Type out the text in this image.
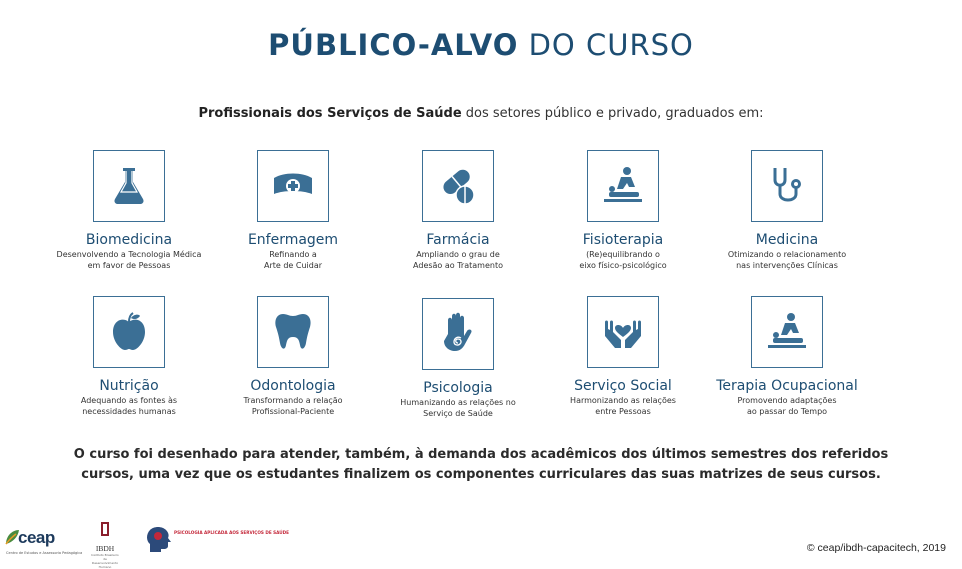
PÚBLICO-ALVO DO CURSO
Profissionais dos Serviços de Saúde dos setores público e privado, graduados em:
Biomedicina
Desenvolvendo a Tecnologia Médica
em favor de Pessoas
Enfermagem
Refinando a
Arte de Cuidar
Farmácia
Ampliando o grau de
Adesão ao Tratamento
Fisioterapia
(Re)equilibrando o
eixo físico-psicológico
Medicina
Otimizando o relacionamento
nas intervenções Clínicas
Nutrição
Adequando as fontes às
necessidades humanas
Odontologia
Transformando a relação
Profissional-Paciente
Psicologia
Humanizando as relações no
Serviço de Saúde
Serviço Social
Harmonizando as relações
entre Pessoas
Terapia Ocupacional
Promovendo adaptações
ao passar do Tempo
O curso foi desenhado para atender, também, à demanda dos acadêmicos dos últimos semestres dos referidos cursos, uma vez que os estudantes finalizem os componentes curriculares das suas matrizes de seus cursos.
ceap
Centro de Estudos e Assessoria Pedagógica	IBDH
Instituto Brasileiro de Desenvolvimento Humano
PSICOLOGIA APLICADA AOS SERVIÇOS DE SAÚDE
© ceap/ibdh-capacitech, 2019
